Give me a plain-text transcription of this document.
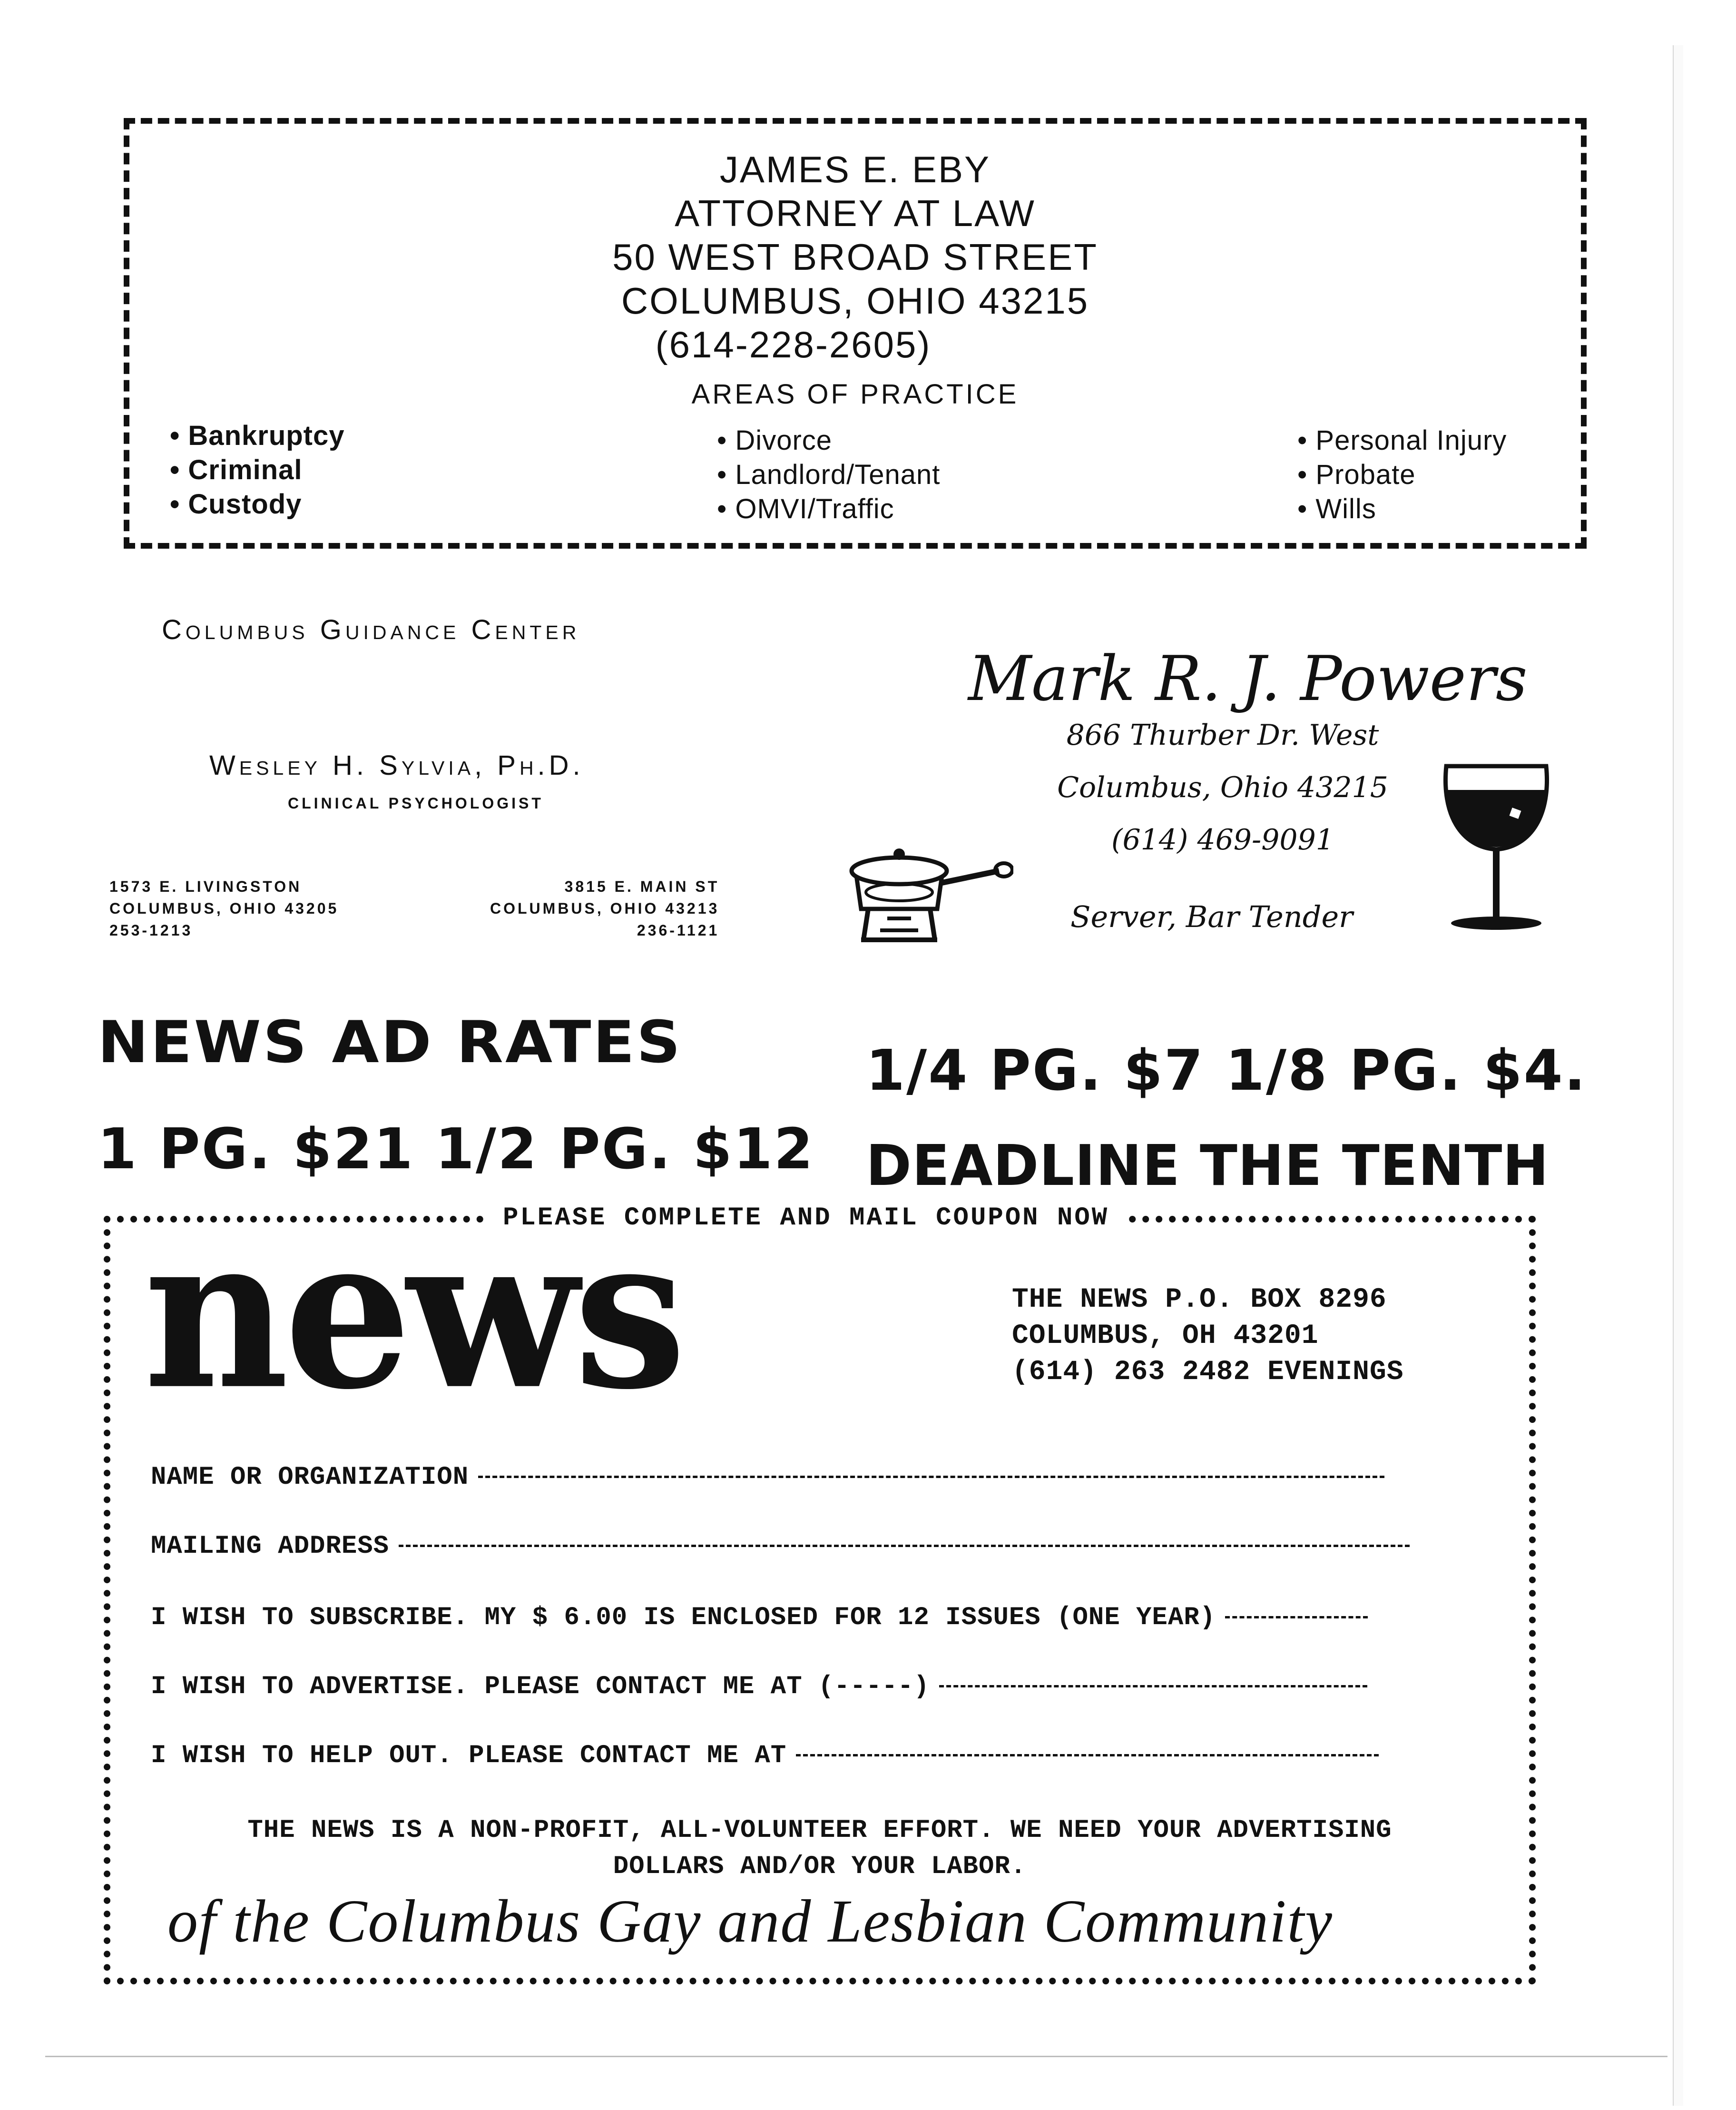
JAMES E. EBY
ATTORNEY AT LAW
50 WEST BROAD STREET
COLUMBUS, OHIO 43215
(614-228-2605)
AREAS OF PRACTICE
• Bankruptcy
• Criminal
• Custody
• Divorce
• Landlord/Tenant
• OMVI/Traffic
• Personal Injury
• Probate
• Wills
Columbus Guidance Center
Wesley H. Sylvia, Ph.D.
CLINICAL PSYCHOLOGIST
1573 E. LIVINGSTON
COLUMBUS, OHIO 43205
253-1213
3815 E. MAIN ST
COLUMBUS, OHIO 43213
236-1121
Mark R. J. Powers
866 Thurber Dr. West
Columbus, Ohio 43215
(614) 469-9091
Server, Bar Tender
NEWS AD RATES	1/4 PG. $7 1/8 PG. $4.
1 PG. $21 1/2 PG. $12 DEADLINE THE TENTH
PLEASE COMPLETE AND MAIL COUPON NOW
news	THE NEWS P.O. BOX 8296
COLUMBUS, OH 43201
(614) 263 2482 EVENINGS
NAME OR ORGANIZATION
MAILING ADDRESS
I WISH TO SUBSCRIBE. MY $ 6.00 IS ENCLOSED FOR 12 ISSUES (ONE YEAR)
I WISH TO ADVERTISE. PLEASE CONTACT ME AT (-----)
I WISH TO HELP OUT. PLEASE CONTACT ME AT
THE NEWS IS A NON-PROFIT, ALL-VOLUNTEER EFFORT. WE NEED YOUR ADVERTISING
DOLLARS AND/OR YOUR LABOR.
of the Columbus Gay and Lesbian Community
